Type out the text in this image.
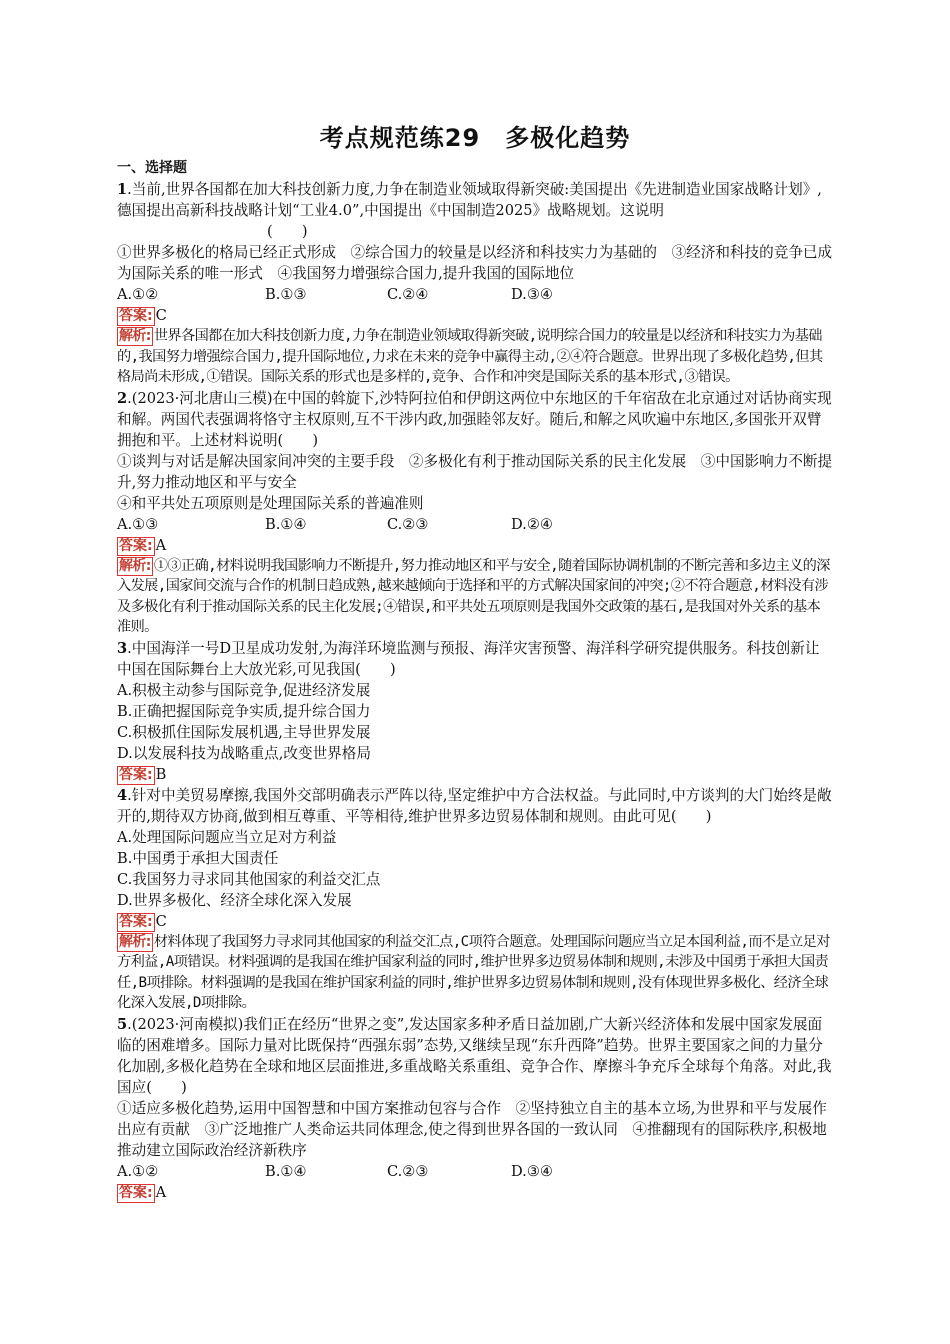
考点规范练29　多极化趋势
一、选择题

1.当前,世界各国都在加大科技创新力度,力争在制造业领域取得新突破:美国提出《先进制造业国家战略计划》,德国提出高新科技战略计划“工业4.0”,中国提出《中国制造2025》战略规划。这说明

(　　)

①世界多极化的格局已经正式形成　②综合国力的较量是以经济和科技实力为基础的　③经济和科技的竞争已成为国际关系的唯一形式　④我国努力增强综合国力,提升我国的国际地位

A.①②	B.①③	C.②④	D.③④
答案: C
解析: 世界各国都在加大科技创新力度,力争在制造业领域取得新突破,说明综合国力的较量是以经济和科技实力为基础的,我国努力增强综合国力,提升国际地位,力求在未来的竞争中赢得主动,②④符合题意。世界出现了多极化趋势,但其格局尚未形成,①错误。国际关系的形式也是多样的,竞争、合作和冲突是国际关系的基本形式,③错误。

2.(2023·河北唐山三模)在中国的斡旋下,沙特阿拉伯和伊朗这两位中东地区的千年宿敌在北京通过对话协商实现和解。两国代表强调将恪守主权原则,互不干涉内政,加强睦邻友好。随后,和解之风吹遍中东地区,多国张开双臂拥抱和平。上述材料说明(　　)

①谈判与对话是解决国家间冲突的主要手段　②多极化有利于推动国际关系的民主化发展　③中国影响力不断提升,努力推动地区和平与安全

④和平共处五项原则是处理国际关系的普遍准则

A.①③	B.①④	C.②③	D.②④
答案: A
解析: ①③正确,材料说明我国影响力不断提升,努力推动地区和平与安全,随着国际协调机制的不断完善和多边主义的深入发展,国家间交流与合作的机制日趋成熟,越来越倾向于选择和平的方式解决国家间的冲突;②不符合题意,材料没有涉及多极化有利于推动国际关系的民主化发展;④错误,和平共处五项原则是我国外交政策的基石,是我国对外关系的基本准则。

3.中国海洋一号D卫星成功发射,为海洋环境监测与预报、海洋灾害预警、海洋科学研究提供服务。科技创新让中国在国际舞台上大放光彩,可见我国(　　)

A.积极主动参与国际竞争,促进经济发展

B.正确把握国际竞争实质,提升综合国力

C.积极抓住国际发展机遇,主导世界发展

D.以发展科技为战略重点,改变世界格局

答案: B

4.针对中美贸易摩擦,我国外交部明确表示严阵以待,坚定维护中方合法权益。与此同时,中方谈判的大门始终是敞开的,期待双方协商,做到相互尊重、平等相待,维护世界多边贸易体制和规则。由此可见(　　)

A.处理国际问题应当立足对方利益

B.中国勇于承担大国责任

C.我国努力寻求同其他国家的利益交汇点

D.世界多极化、经济全球化深入发展

答案: C
解析: 材料体现了我国努力寻求同其他国家的利益交汇点,C项符合题意。处理国际问题应当立足本国利益,而不是立足对方利益,A项错误。材料强调的是我国在维护国家利益的同时,维护世界多边贸易体制和规则,未涉及中国勇于承担大国责任,B项排除。材料强调的是我国在维护国家利益的同时,维护世界多边贸易体制和规则,没有体现世界多极化、经济全球化深入发展,D项排除。

5.(2023·河南模拟)我们正在经历“世界之变”,发达国家多种矛盾日益加剧,广大新兴经济体和发展中国家发展面临的困难增多。国际力量对比既保持“西强东弱”态势,又继续呈现“东升西降”趋势。世界主要国家之间的力量分化加剧,多极化趋势在全球和地区层面推进,多重战略关系重组、竞争合作、摩擦斗争充斥全球每个角落。对此,我国应(　　)

①适应多极化趋势,运用中国智慧和中国方案推动包容与合作　②坚持独立自主的基本立场,为世界和平与发展作出应有贡献　③广泛地推广人类命运共同体理念,使之得到世界各国的一致认同　④推翻现有的国际秩序,积极地推动建立国际政治经济新秩序

A.①②	B.①④	C.②③	D.③④
答案: A
